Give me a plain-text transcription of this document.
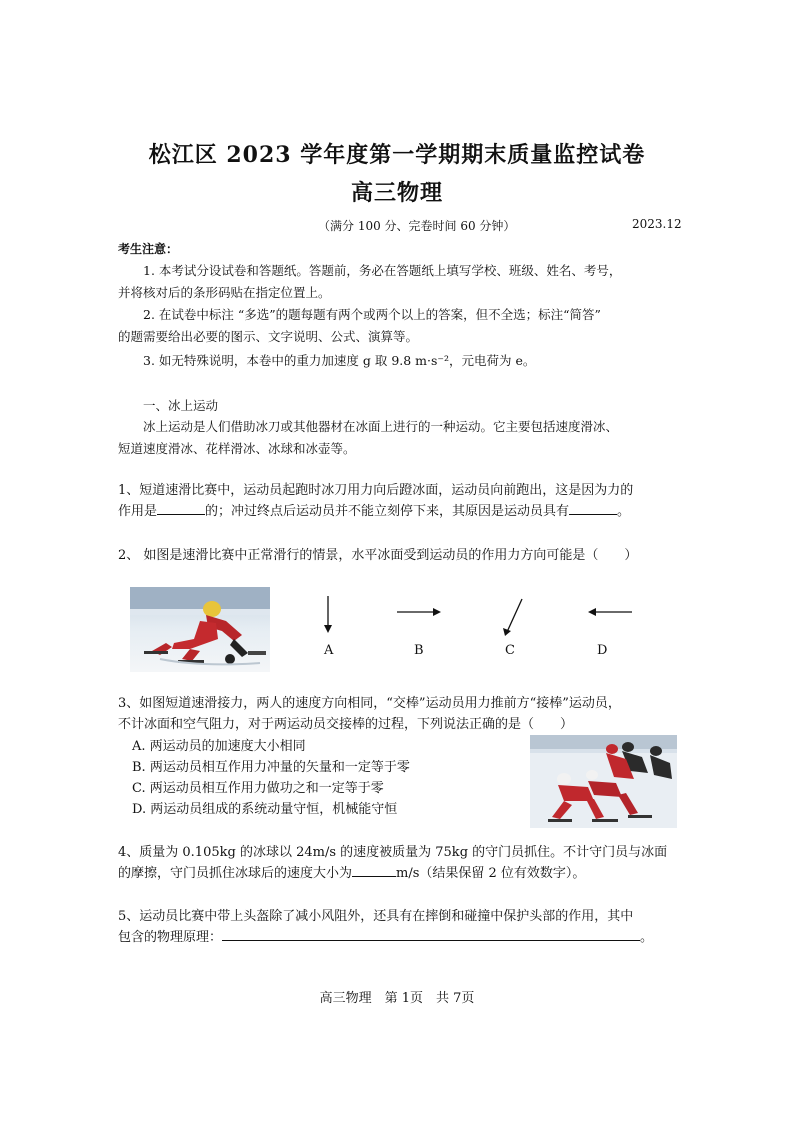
松江区 2023 学年度第一学期期末质量监控试卷
高三物理
（满分 100 分、完卷时间 60 分钟）	2023.12
考生注意：
1. 本考试分设试卷和答题纸。答题前，务必在答题纸上填写学校、班级、姓名、考号，
并将核对后的条形码贴在指定位置上。
2. 在试卷中标注 “多选”的题每题有两个或两个以上的答案，但不全选；标注“简答”
的题需要给出必要的图示、文字说明、公式、演算等。
3. 如无特殊说明，本卷中的重力加速度 g 取 9.8 m·s⁻²，元电荷为 e。
一、冰上运动
冰上运动是人们借助冰刀或其他器材在冰面上进行的一种运动。它主要包括速度滑冰、
短道速度滑冰、花样滑冰、冰球和冰壶等。
1、短道速滑比赛中，运动员起跑时冰刀用力向后蹬冰面，运动员向前跑出，这是因为力的
作用是	的；冲过终点后运动员并不能立刻停下来，其原因是运动员具有	。
2、 如图是速滑比赛中正常滑行的情景，水平冰面受到运动员的作用力方向可能是（　　）
A	B	C	D
3、如图短道速滑接力，两人的速度方向相同，“交棒”运动员用力推前方“接棒”运动员，
不计冰面和空气阻力，对于两运动员交接棒的过程，下列说法正确的是（　　）
A. 两运动员的加速度大小相同
B. 两运动员相互作用力冲量的矢量和一定等于零
C. 两运动员相互作用力做功之和一定等于零
D. 两运动员组成的系统动量守恒，机械能守恒
4、质量为 0.105kg 的冰球以 24m/s 的速度被质量为 75kg 的守门员抓住。不计守门员与冰面
的摩擦，守门员抓住冰球后的速度大小为	m/s（结果保留 2 位有效数字）。
5、运动员比赛中带上头盔除了减小风阻外，还具有在摔倒和碰撞中保护头部的作用，其中
包含的物理原理：	。
高三物理　第 1页　共 7页
